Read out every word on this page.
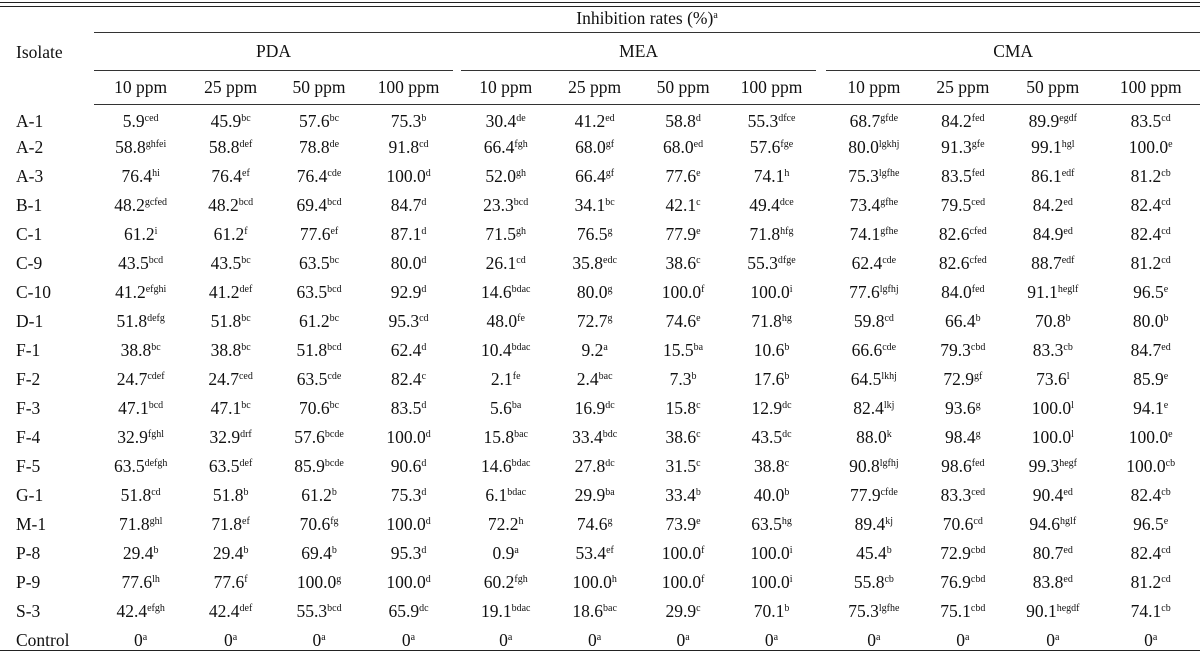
Isolate	Inhibition rates (%)$^a$
	PDA					MEA					CMA			
	10 ppm	25 ppm	50 ppm	100 ppm		10 ppm	25 ppm	50 ppm	100 ppm		10 ppm	25 ppm	50 ppm	100 ppm
A-1	5.9$^{ced}$	45.9$^{bc}$	57.6$^{bc}$	75.3$^b$		30.4de	41.2$^{ed}$	58.8$^d$	$55.3^{dfce}$		$68.7^{gfde}$	84.2$^{fed}$	$89.9^{egdf}$	83.5$^{cd}$
A-2	$58.8^{ghfei}$	58.8$^{def}$	78.8de	91.8$^{cd}$		66.4$^{fgh}$	68.0$^{gf}$	68.0$^{ed}$	57.6$^{fge}$		$80.0^{lgkhj}$	91.3$^{gfe}$	$99.1^{hgl}$	100.0e
A-3	$76.4^{hi}$	76.4$^{ef}$	76.4$^{cde}$	100.0$^d$		52.0$^{gh}$	66.4$^{gf}$	77.6e	74.1$^h$		$75.3^{lgfhe}$	83.5$^{fed}$	86.1$^{edf}$	81.2$^{cb}$
B-1	$48.2^{gcfed}$	48.2$^{bcd}$	69.4$^{bcd}$	84.7$^d$		23.3$^{bcd}$	34.1$^{bc}$	42.1$^c$	49.4$^{dce}$		$73.4^{gfhe}$	79.5$^{ced}$	84.2$^{ed}$	82.4$^{cd}$
C-1	61.2$^i$	61.2$^f$	77.6$^{ef}$	87.1$^d$		71.5$^{gh}$	76.5$^g$	77.9e	71.8$^{hfg}$		$74.1^{gfhe}$	$82.6^{cfed}$	84.9$^{ed}$	82.4$^{cd}$
C-9	43.5$^{bcd}$	43.5$^{bc}$	63.5$^{bc}$	80.0$^d$		26.1$^{cd}$	35.8$^{edc}$	38.6$^c$	$55.3^{dfge}$		62.4$^{cde}$	$82.6^{cfed}$	88.7$^{edf}$	81.2$^{cd}$
C-10	$41.2^{efghi}$	41.2$^{def}$	63.5$^{bcd}$	92.9$^d$		$14.6^{bdac}$	80.0$^g$	100.0$^f$	100.0$^i$		$77.6^{lgfhj}$	84.0$^{fed}$	$91.1^{heglf}$	96.5e
D-1	$51.8^{defg}$	51.8$^{bc}$	61.2$^{bc}$	95.3$^{cd}$		48.0$^{fe}$	72.7$^g$	74.6e	71.8$^{hg}$		59.8$^{cd}$	66.4$^b$	70.8$^b$	80.0$^b$
F-1	38.8$^{bc}$	38.8$^{bc}$	51.8$^{bcd}$	62.4$^d$		$10.4^{bdac}$	9.2$^a$	15.5$^{ba}$	10.6$^b$		66.6$^{cde}$	79.3$^{cbd}$	83.3$^{cb}$	84.7$^{ed}$
F-2	$24.7^{cdef}$	24.7$^{ced}$	63.5$^{cde}$	82.4$^c$		2.1$^{fe}$	2.4$^{bac}$	7.3$^b$	17.6$^b$		$64.5^{lkhj}$	72.9$^{gf}$	73.6$^l$	85.9e
F-3	47.1$^{bcd}$	47.1$^{bc}$	70.6$^{bc}$	83.5$^d$		5.6$^{ba}$	16.9$^{dc}$	15.8$^c$	12.9$^{dc}$		$82.4^{lkj}$	93.6$^g$	100.0$^l$	94.1e
F-4	$32.9^{fghl}$	$32.9^{drf}$	$57.6^{bcde}$	100.0$^d$		15.8$^{bac}$	33.4$^{bdc}$	38.6$^c$	43.5$^{dc}$		88.0$^k$	98.4$^g$	100.0$^l$	100.0e
F-5	$63.5^{defgh}$	63.5$^{def}$	$85.9^{bcde}$	90.6$^d$		$14.6^{bdac}$	27.8$^{dc}$	31.5$^c$	38.8$^c$		$90.8^{lgfhj}$	98.6$^{fed}$	$99.3^{hegf}$	100.0$^{cb}$
G-1	51.8$^{cd}$	51.8$^b$	61.2$^b$	75.3$^d$		$6.1^{bdac}$	29.9$^{ba}$	33.4$^b$	40.0$^b$		$77.9^{cfde}$	83.3$^{ced}$	90.4$^{ed}$	82.4$^{cb}$
M-1	$71.8^{ghl}$	71.8$^{ef}$	70.6$^{fg}$	100.0$^d$		72.2$^h$	74.6$^g$	73.9e	63.5$^{hg}$		$89.4^{kj}$	70.6$^{cd}$	$94.6^{hglf}$	96.5e
P-8	29.4$^b$	29.4$^b$	69.4$^b$	95.3$^d$		0.9$^a$	53.4$^{ef}$	100.0$^f$	100.0$^i$		45.4$^b$	72.9$^{cbd}$	80.7$^{ed}$	82.4$^{cd}$
P-9	$77.6^{lh}$	77.6$^f$	100.0$^g$	100.0$^d$		60.2$^{fgh}$	100.0$^h$	100.0$^f$	100.0$^i$		55.8$^{cb}$	76.9$^{cbd}$	83.8$^{ed}$	81.2$^{cd}$
S-3	$42.4^{efgh}$	42.4$^{def}$	55.3$^{bcd}$	65.9$^{dc}$		$19.1^{bdac}$	18.6$^{bac}$	29.9$^c$	70.1$^b$		$75.3^{lgfhe}$	75.1$^{cbd}$	$90.1^{hegdf}$	74.1$^{cb}$
Control	0$^a$	0$^a$	0$^a$	0$^a$		0$^a$	0$^a$	0$^a$	0$^a$		0$^a$	0$^a$	0$^a$	0$^a$
